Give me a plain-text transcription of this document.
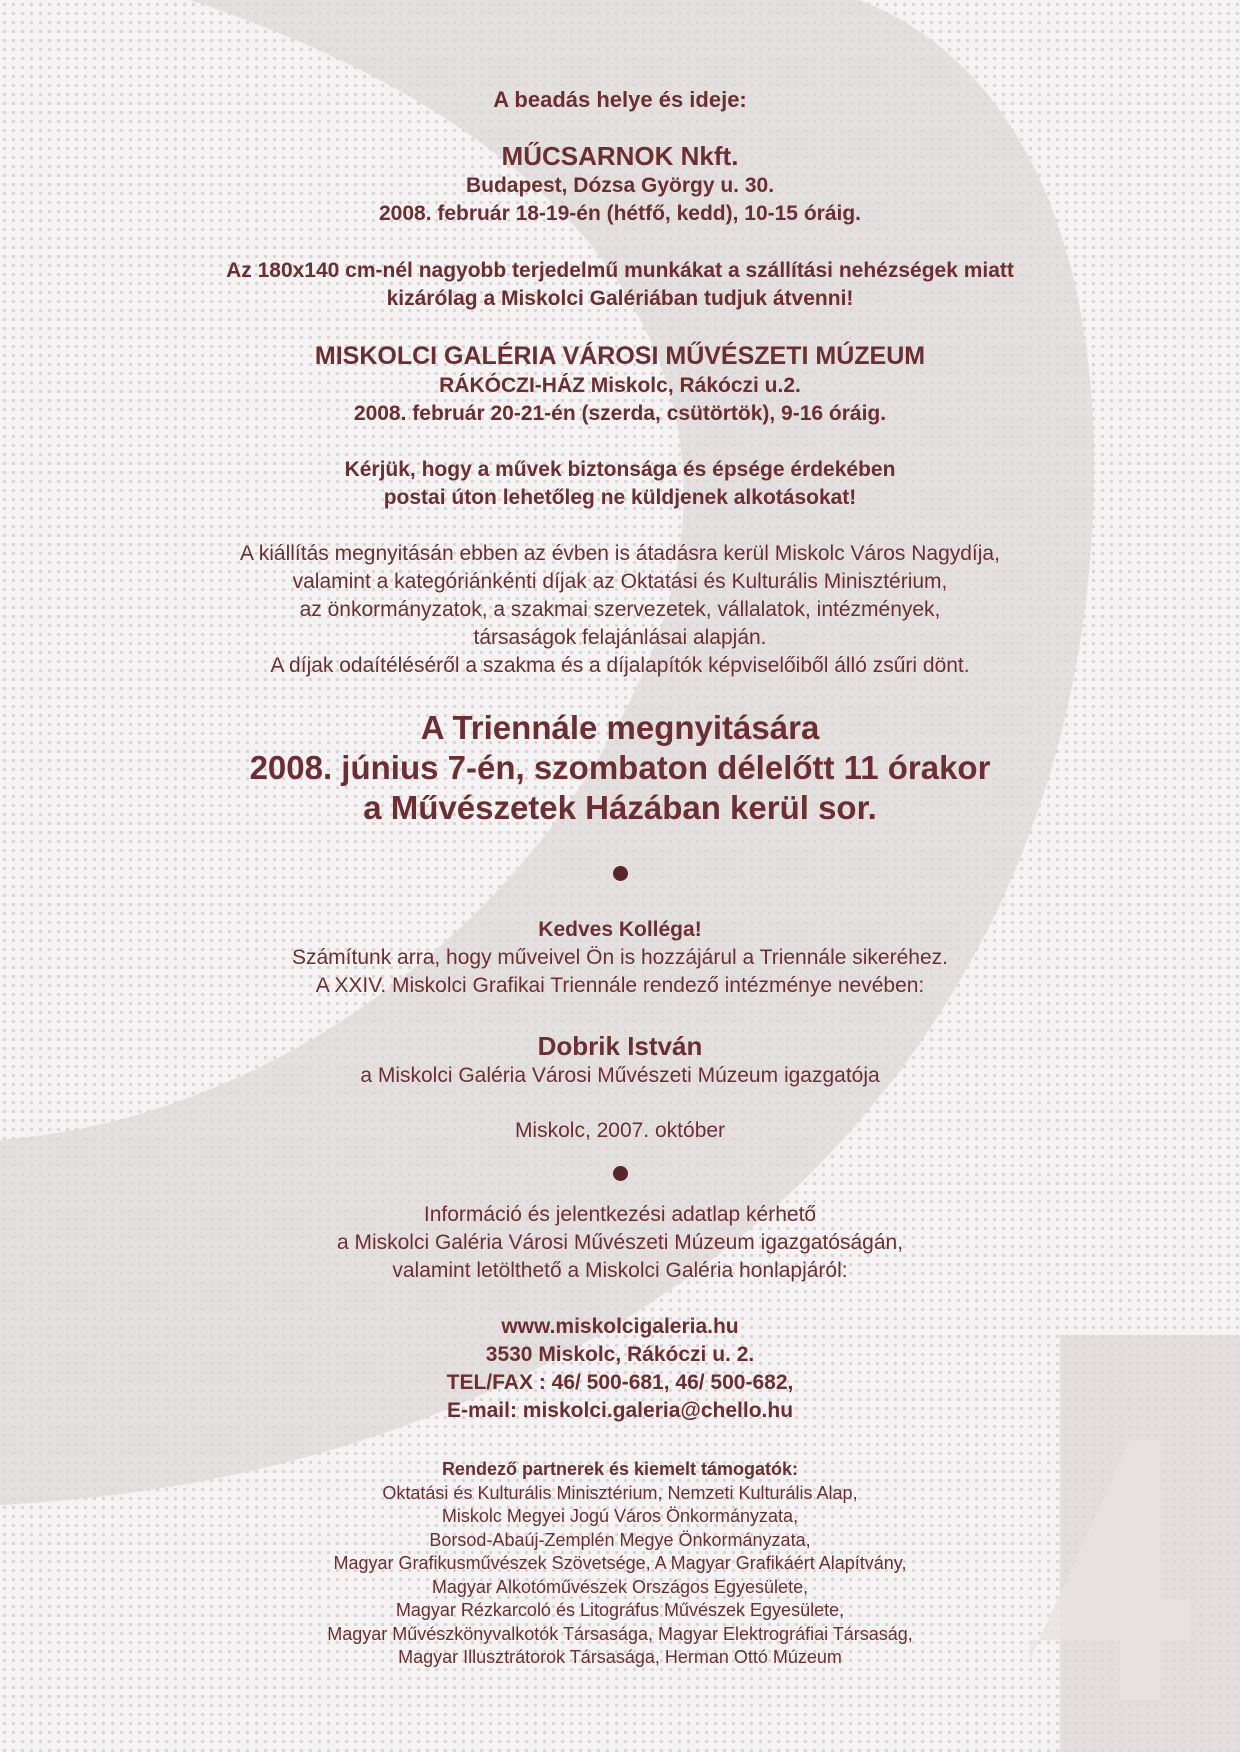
A beadás helye és ideje:

MŰCSARNOK Nkft.
Budapest, Dózsa György u. 30.
2008. február 18-19-én (hétfő, kedd), 10-15 óráig.
Az 180x140 cm-nél nagyobb terjedelmű munkákat a szállítási nehézségek miatt
kizárólag a Miskolci Galériában tudjuk átvenni!
MISKOLCI GALÉRIA VÁROSI MŰVÉSZETI MÚZEUM
RÁKÓCZI-HÁZ Miskolc, Rákóczi u.2.
2008. február 20-21-én (szerda, csütörtök), 9-16 óráig.
Kérjük, hogy a művek biztonsága és épsége érdekében
postai úton lehetőleg ne küldjenek alkotásokat!
A kiállítás megnyitásán ebben az évben is átadásra kerül Miskolc Város Nagydíja,
valamint a kategóriánkénti díjak az Oktatási és Kulturális Minisztérium,
az önkormányzatok, a szakmai szervezetek, vállalatok, intézmények,
társaságok felajánlásai alapján.
A díjak odaítéléséről a szakma és a díjalapítók képviselőiből álló zsűri dönt.
A Triennále megnyitására
2008. június 7-én, szombaton délelőtt 11 órakor
a Művészetek Házában kerül sor.
Kedves Kolléga!
Számítunk arra, hogy műveivel Ön is hozzájárul a Triennále sikeréhez.
A XXIV. Miskolci Grafikai Triennále rendező intézménye nevében:
Dobrik István
a Miskolci Galéria Városi Művészeti Múzeum igazgatója

Miskolc, 2007. október

Információ és jelentkezési adatlap kérhető
a Miskolci Galéria Városi Művészeti Múzeum igazgatóságán,
valamint letölthető a Miskolci Galéria honlapjáról:
www.miskolcigaleria.hu
3530 Miskolc, Rákóczi u. 2.
TEL/FAX : 46/ 500-681, 46/ 500-682,
E-mail: miskolci.galeria@chello.hu
Rendező partnerek és kiemelt támogatók:
Oktatási és Kulturális Minisztérium, Nemzeti Kulturális Alap,
Miskolc Megyei Jogú Város Önkormányzata,
Borsod-Abaúj-Zemplén Megye Önkormányzata,
Magyar Grafikusművészek Szövetsége, A Magyar Grafikáért Alapítvány,
Magyar Alkotóművészek Országos Egyesülete,
Magyar Rézkarcoló és Litográfus Művészek Egyesülete,
Magyar Művészkönyvalkotók Társasága, Magyar Elektrográfiai Társaság,
Magyar Illusztrátorok Társasága, Herman Ottó Múzeum
